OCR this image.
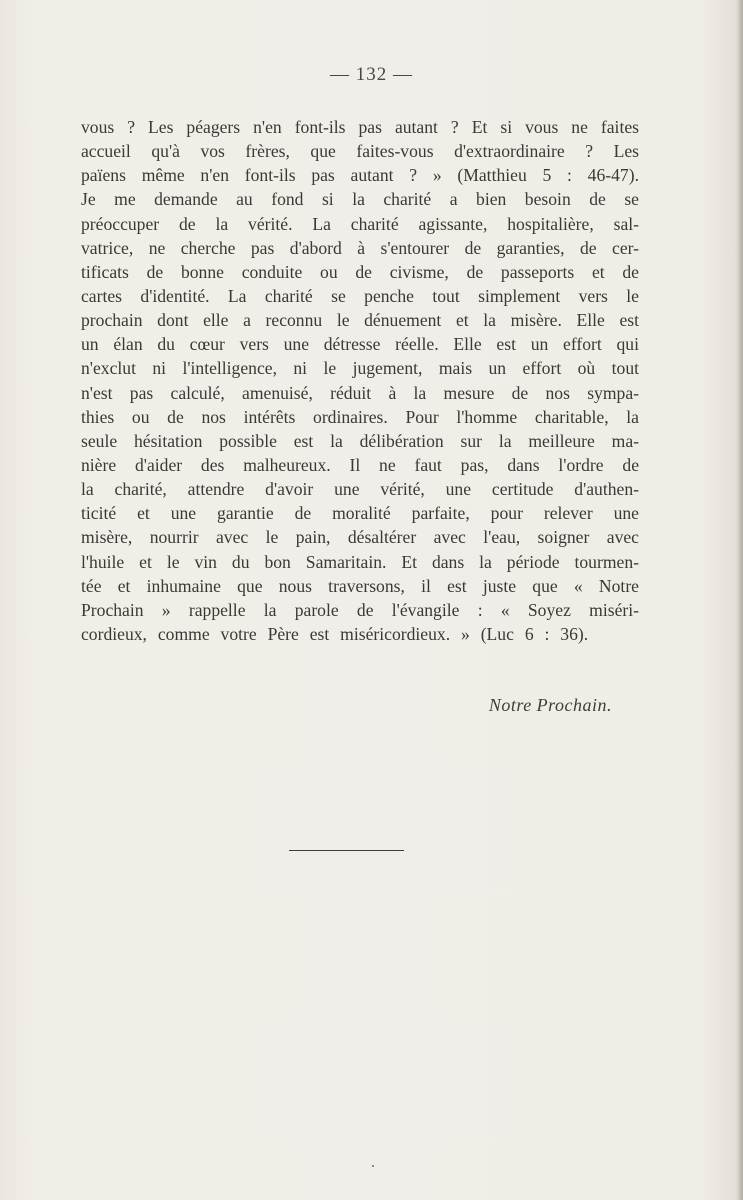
— 132 —
vous ? Les péagers n'en font-ils pas autant ? Et si vous ne faites
accueil qu'à vos frères, que faites-vous d'extraordinaire ? Les
païens même n'en font-ils pas autant ? » (Matthieu 5 : 46-47).
Je me demande au fond si la charité a bien besoin de se
préoccuper de la vérité. La charité agissante, hospitalière, sal-
vatrice, ne cherche pas d'abord à s'entourer de garanties, de cer-
tificats de bonne conduite ou de civisme, de passeports et de
cartes d'identité. La charité se penche tout simplement vers le
prochain dont elle a reconnu le dénuement et la misère. Elle est
un élan du cœur vers une détresse réelle. Elle est un effort qui
n'exclut ni l'intelligence, ni le jugement, mais un effort où tout
n'est pas calculé, amenuisé, réduit à la mesure de nos sympa-
thies ou de nos intérêts ordinaires. Pour l'homme charitable, la
seule hésitation possible est la délibération sur la meilleure ma-
nière d'aider des malheureux. Il ne faut pas, dans l'ordre de
la charité, attendre d'avoir une vérité, une certitude d'authen-
ticité et une garantie de moralité parfaite, pour relever une
misère, nourrir avec le pain, désaltérer avec l'eau, soigner avec
l'huile et le vin du bon Samaritain. Et dans la période tourmen-
tée et inhumaine que nous traversons, il est juste que « Notre
Prochain » rappelle la parole de l'évangile : « Soyez miséri-
cordieux, comme votre Père est miséricordieux. » (Luc 6 : 36).
Notre Prochain.
